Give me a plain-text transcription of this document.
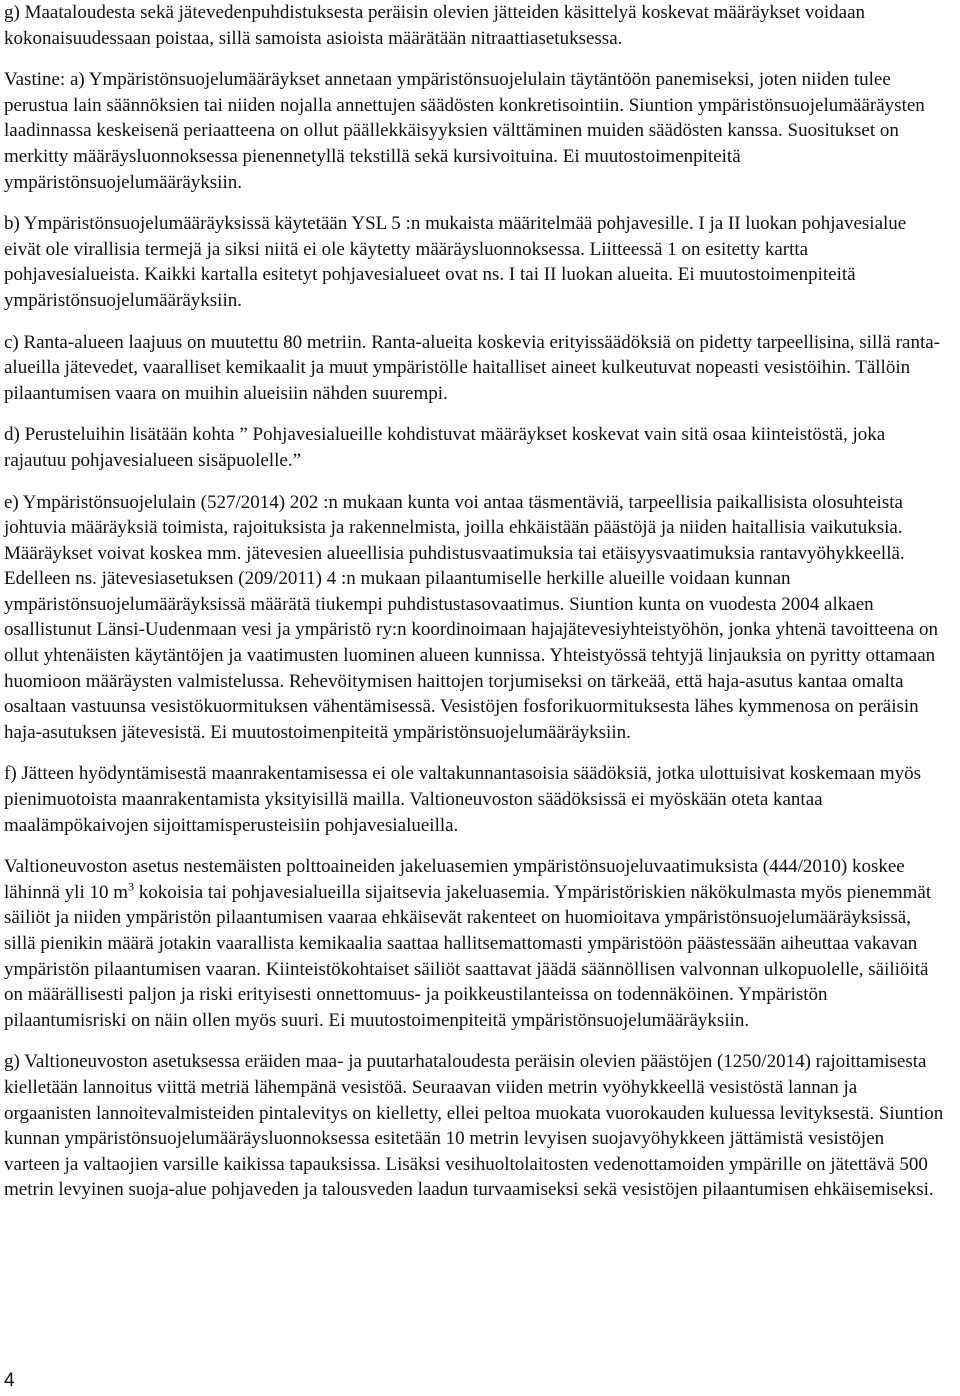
g) Maataloudesta sekä jätevedenpuhdistuksesta peräisin olevien jätteiden käsittelyä koskevat määräykset voidaan kokonaisuudessaan poistaa, sillä samoista asioista määrätään nitraattiasetuksessa.

Vastine: a) Ympäristönsuojelumääräykset annetaan ympäristönsuojelulain täytäntöön panemiseksi, joten niiden tulee perustua lain säännöksien tai niiden nojalla annettujen säädösten konkretisointiin. Siuntion ympäristönsuojelumääräysten laadinnassa keskeisenä periaatteena on ollut päällekkäisyyksien välttäminen muiden säädösten kanssa. Suositukset on merkitty määräysluonnoksessa pienennetyllä tekstillä sekä kursivoituina. Ei muutostoimenpiteitä ympäristönsuojelumääräyksiin.

b) Ympäristönsuojelumääräyksissä käytetään YSL 5 :n mukaista määritelmää pohjavesille. I ja II luokan pohjavesialue eivät ole virallisia termejä ja siksi niitä ei ole käytetty määräysluonnoksessa. Liitteessä 1 on esitetty kartta pohjavesialueista. Kaikki kartalla esitetyt pohjavesialueet ovat ns. I tai II luokan alueita. Ei muutostoimenpiteitä ympäristönsuojelumääräyksiin.

c) Ranta-alueen laajuus on muutettu 80 metriin. Ranta-alueita koskevia erityissäädöksiä on pidetty tarpeellisina, sillä ranta-alueilla jätevedet, vaaralliset kemikaalit ja muut ympäristölle haitalliset aineet kulkeutuvat nopeasti vesistöihin. Tällöin pilaantumisen vaara on muihin alueisiin nähden suurempi.

d) Perusteluihin lisätään kohta ” Pohjavesialueille kohdistuvat määräykset koskevat vain sitä osaa kiinteistöstä, joka rajautuu pohjavesialueen sisäpuolelle.”

e) Ympäristönsuojelulain (527/2014) 202 :n mukaan kunta voi antaa täsmentäviä, tarpeellisia paikallisista olosuhteista johtuvia määräyksiä toimista, rajoituksista ja rakennelmista, joilla ehkäistään päästöjä ja niiden haitallisia vaikutuksia. Määräykset voivat koskea mm. jätevesien alueellisia puhdistusvaatimuksia tai etäisyysvaatimuksia rantavyöhykkeellä. Edelleen ns. jätevesiasetuksen (209/2011) 4 :n mukaan pilaantumiselle herkille alueille voidaan kunnan ympäristönsuojelumääräyksissä määrätä tiukempi puhdistustasovaatimus. Siuntion kunta on vuodesta 2004 alkaen osallistunut Länsi-Uudenmaan vesi ja ympäristö ry:n koordinoimaan hajajätevesiyhteistyöhön, jonka yhtenä tavoitteena on ollut yhtenäisten käytäntöjen ja vaatimusten luominen alueen kunnissa. Yhteistyössä tehtyjä linjauksia on pyritty ottamaan huomioon määräysten valmistelussa. Rehevöitymisen haittojen torjumiseksi on tärkeää, että haja-asutus kantaa omalta osaltaan vastuunsa vesistökuormituksen vähentämisessä. Vesistöjen fosforikuormituksesta lähes kymmenosa on peräisin haja-asutuksen jätevesistä. Ei muutostoimenpiteitä ympäristönsuojelumääräyksiin.

f) Jätteen hyödyntämisestä maanrakentamisessa ei ole valtakunnantasoisia säädöksiä, jotka ulottuisivat koskemaan myös pienimuotoista maanrakentamista yksityisillä mailla. Valtioneuvoston säädöksissä ei myöskään oteta kantaa maalämpökaivojen sijoittamisperusteisiin pohjavesialueilla.

Valtioneuvoston asetus nestemäisten polttoaineiden jakeluasemien ympäristönsuojeluvaatimuksista (444/2010) koskee lähinnä yli 10 $m^3$ kokoisia tai pohjavesialueilla sijaitsevia jakeluasemia. Ympäristöriskien näkökulmasta myös pienemmät säiliöt ja niiden ympäristön pilaantumisen vaaraa ehkäisevät rakenteet on huomioitava ympäristönsuojelumääräyksissä, sillä pienikin määrä jotakin vaarallista kemikaalia saattaa hallitsemattomasti ympäristöön päästessään aiheuttaa vakavan ympäristön pilaantumisen vaaran. Kiinteistökohtaiset säiliöt saattavat jäädä säännöllisen valvonnan ulkopuolelle, säiliöitä on määrällisesti paljon ja riski erityisesti onnettomuus- ja poikkeustilanteissa on todennäköinen. Ympäristön pilaantumisriski on näin ollen myös suuri. Ei muutostoimenpiteitä ympäristönsuojelumääräyksiin.

g) Valtioneuvoston asetuksessa eräiden maa- ja puutarhataloudesta peräisin olevien päästöjen (1250/2014) rajoittamisesta kielletään lannoitus viittä metriä lähempänä vesistöä. Seuraavan viiden metrin vyöhykkeellä vesistöstä lannan ja orgaanisten lannoitevalmisteiden pintalevitys on kielletty, ellei peltoa muokata vuorokauden kuluessa levityksestä. Siuntion kunnan ympäristönsuojelumääräysluonnoksessa esitetään 10 metrin levyisen suojavyöhykkeen jättämistä vesistöjen varteen ja valtaojien varsille kaikissa tapauksissa. Lisäksi vesihuoltolaitosten vedenottamoiden ympärille on jätettävä 500 metrin levyinen suoja-alue pohjaveden ja talousveden laadun turvaamiseksi sekä vesistöjen pilaantumisen ehkäisemiseksi.

4
